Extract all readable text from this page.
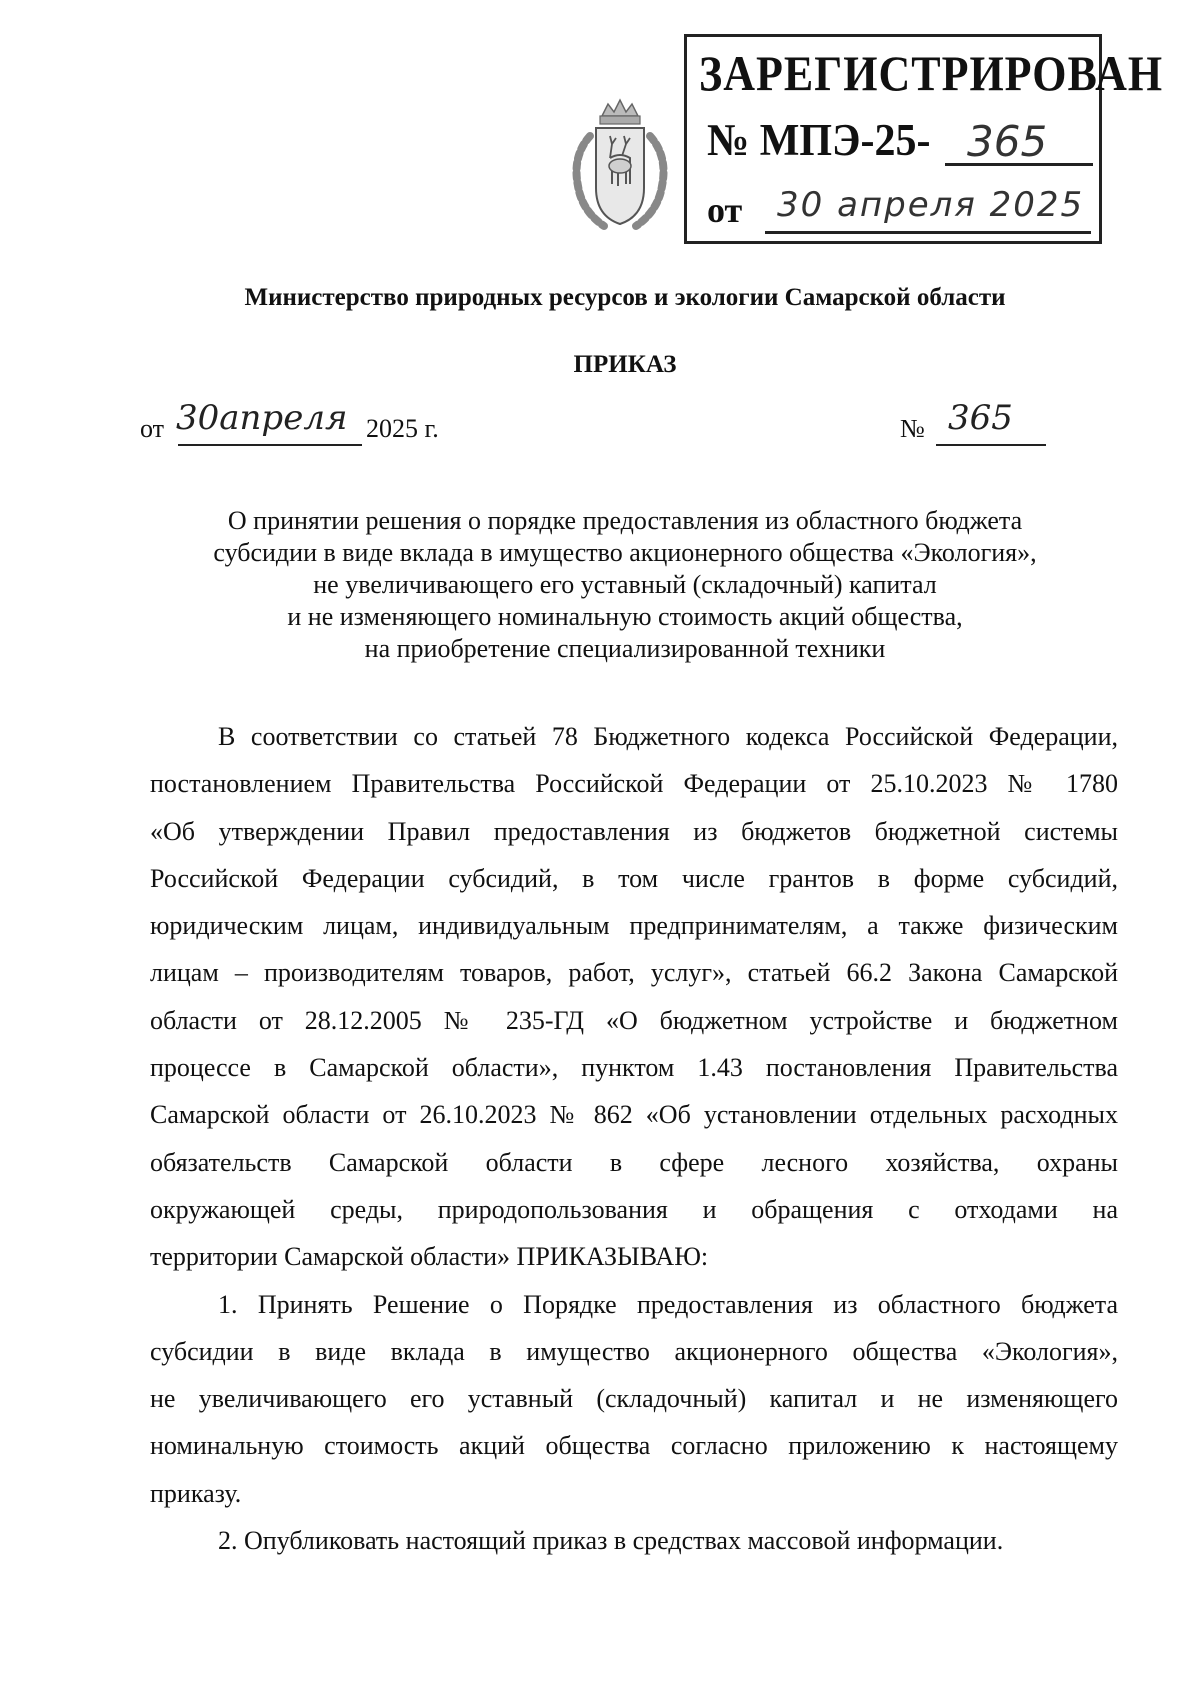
ЗАРЕГИСТРИРОВАН
№ МПЭ-25- 365
от 30 апреля 2025
Министерство природных ресурсов и экологии Самарской области
ПРИКАЗ
от 30апреля 2025 г.	№ 365
О принятии решения о порядке предоставления из областного бюджета
субсидии в виде вклада в имущество акционерного общества «Экология»,
не увеличивающего его уставный (складочный) капитал
и не изменяющего номинальную стоимость акций общества,
на приобретение специализированной техники
В соответствии со статьей 78 Бюджетного кодекса Российской Федерации,
постановлением Правительства Российской Федерации от 25.10.2023 № 1780
«Об утверждении Правил предоставления из бюджетов бюджетной системы
Российской Федерации субсидий, в том числе грантов в форме субсидий,
юридическим лицам, индивидуальным предпринимателям, а также физическим
лицам – производителям товаров, работ, услуг», статьей 66.2 Закона Самарской
области от 28.12.2005 № 235-ГД «О бюджетном устройстве и бюджетном
процессе в Самарской области», пунктом 1.43 постановления Правительства
Самарской области от 26.10.2023 № 862 «Об установлении отдельных расходных
обязательств Самарской области в сфере лесного хозяйства, охраны
окружающей среды, природопользования и обращения с отходами на
территории Самарской области» ПРИКАЗЫВАЮ:
1. Принять Решение о Порядке предоставления из областного бюджета
субсидии в виде вклада в имущество акционерного общества «Экология»,
не увеличивающего его уставный (складочный) капитал и не изменяющего
номинальную стоимость акций общества согласно приложению к настоящему
приказу.
2. Опубликовать настоящий приказ в средствах массовой информации.
